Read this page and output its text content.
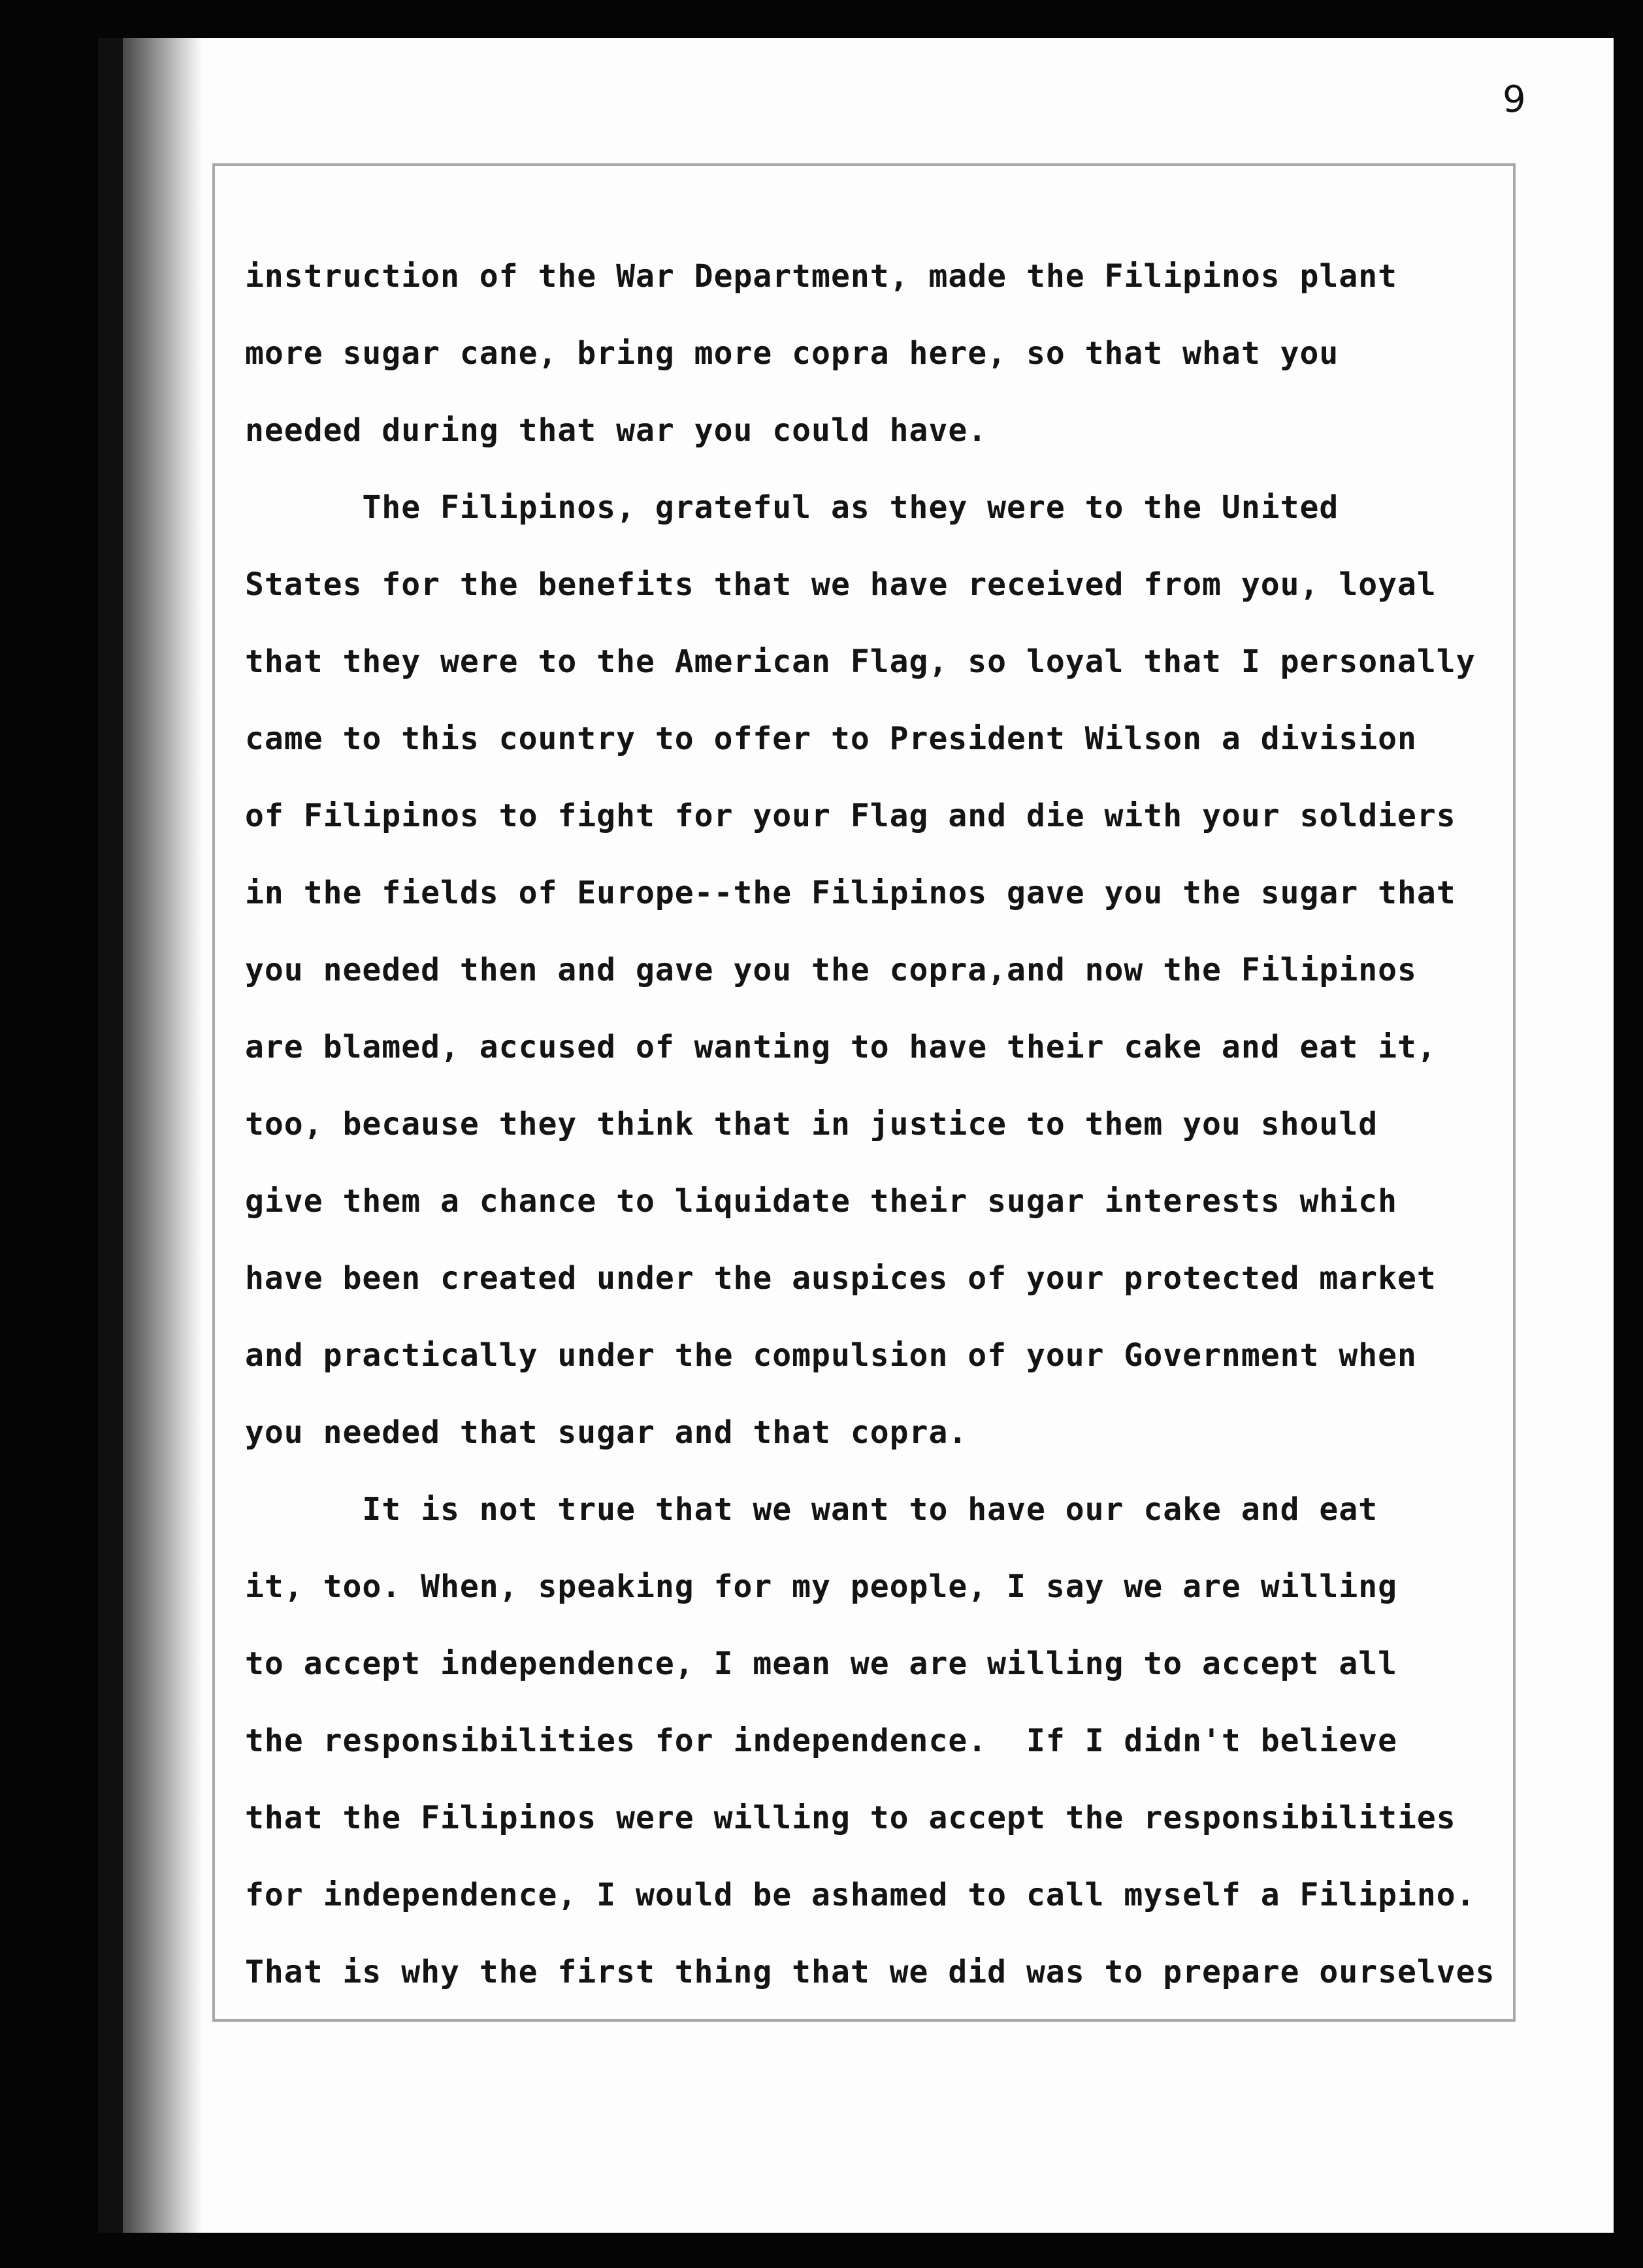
9
instruction of the War Department, made the Filipinos plant
more sugar cane, bring more copra here, so that what you
needed during that war you could have.
The Filipinos, grateful as they were to the United
States for the benefits that we have received from you, loyal
that they were to the American Flag, so loyal that I personally
came to this country to offer to President Wilson a division
of Filipinos to fight for your Flag and die with your soldiers
in the fields of Europe--the Filipinos gave you the sugar that
you needed then and gave you the copra,and now the Filipinos
are blamed, accused of wanting to have their cake and eat it,
too, because they think that in justice to them you should
give them a chance to liquidate their sugar interests which
have been created under the auspices of your protected market
and practically under the compulsion of your Government when
you needed that sugar and that copra.
It is not true that we want to have our cake and eat
it, too. When, speaking for my people, I say we are willing
to accept independence, I mean we are willing to accept all
the responsibilities for independence.  If I didn't believe
that the Filipinos were willing to accept the responsibilities
for independence, I would be ashamed to call myself a Filipino.
That is why the first thing that we did was to prepare ourselves
